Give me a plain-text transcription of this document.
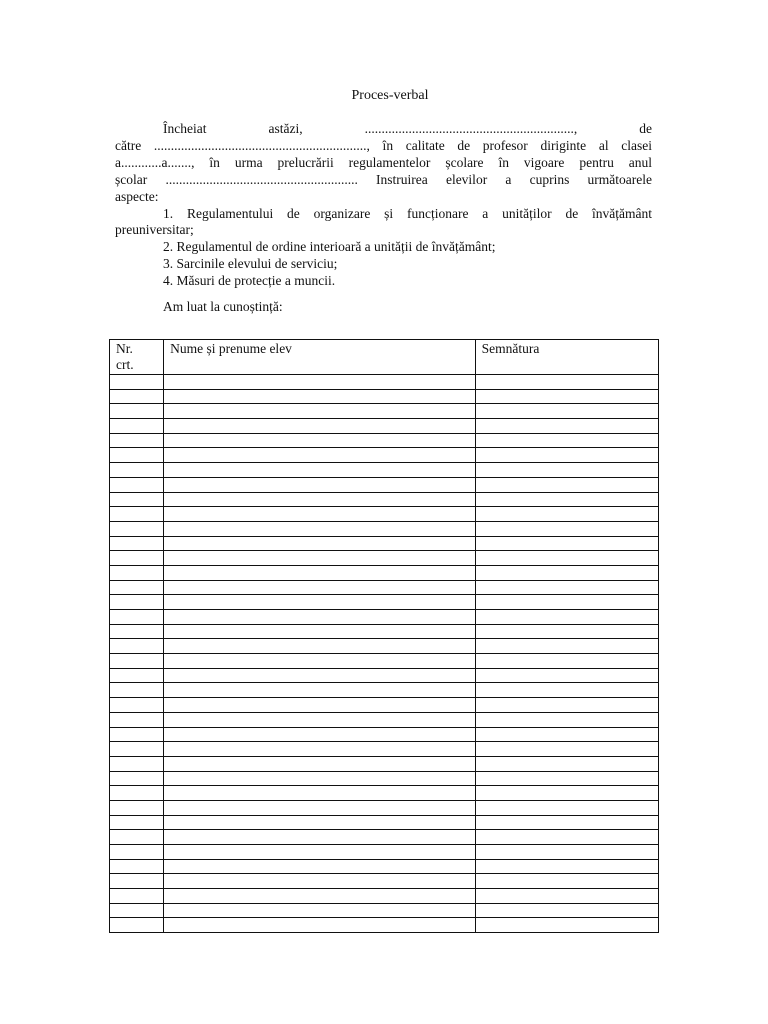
Proces-verbal
Încheiat astăzi, .............................................................., de
către ..............................................................., în calitate de profesor diriginte al clasei
a............a......., în urma prelucrării regulamentelor școlare în vigoare pentru anul
școlar ......................................................... Instruirea elevilor a cuprins următoarele
aspecte:
1. Regulamentului de organizare și funcționare a unităților de învățământ
preuniversitar;
2. Regulamentul de ordine interioară a unității de învățământ;
3. Sarcinile elevului de serviciu;
4. Măsuri de protecție a muncii.
Am luat la cunoștință:
Nr. crt.	Nume și prenume elev	Semnătura
